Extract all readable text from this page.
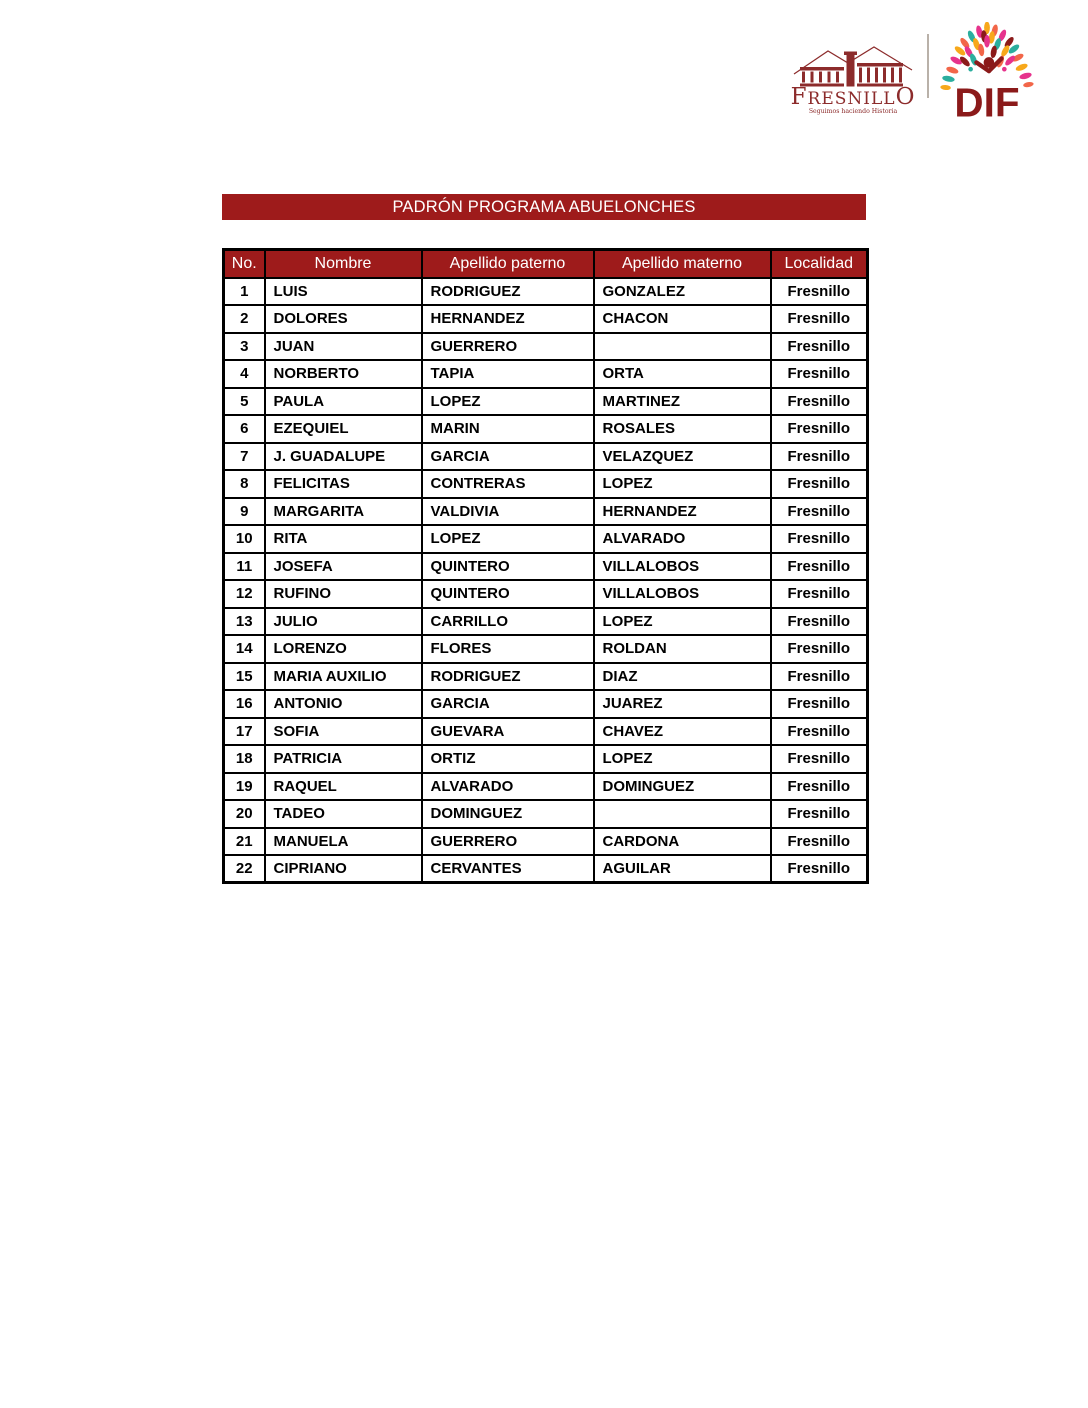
FRESNILLO
Seguimos haciendo Historia DIF
PADRÓN PROGRAMA ABUELONCHES
No.	Nombre	Apellido paterno	Apellido materno	Localidad
1	LUIS	RODRIGUEZ	GONZALEZ	Fresnillo
2	DOLORES	HERNANDEZ	CHACON	Fresnillo
3	JUAN	GUERRERO		Fresnillo
4	NORBERTO	TAPIA	ORTA	Fresnillo
5	PAULA	LOPEZ	MARTINEZ	Fresnillo
6	EZEQUIEL	MARIN	ROSALES	Fresnillo
7	J. GUADALUPE	GARCIA	VELAZQUEZ	Fresnillo
8	FELICITAS	CONTRERAS	LOPEZ	Fresnillo
9	MARGARITA	VALDIVIA	HERNANDEZ	Fresnillo
10	RITA	LOPEZ	ALVARADO	Fresnillo
11	JOSEFA	QUINTERO	VILLALOBOS	Fresnillo
12	RUFINO	QUINTERO	VILLALOBOS	Fresnillo
13	JULIO	CARRILLO	LOPEZ	Fresnillo
14	LORENZO	FLORES	ROLDAN	Fresnillo
15	MARIA AUXILIO	RODRIGUEZ	DIAZ	Fresnillo
16	ANTONIO	GARCIA	JUAREZ	Fresnillo
17	SOFIA	GUEVARA	CHAVEZ	Fresnillo
18	PATRICIA	ORTIZ	LOPEZ	Fresnillo
19	RAQUEL	ALVARADO	DOMINGUEZ	Fresnillo
20	TADEO	DOMINGUEZ		Fresnillo
21	MANUELA	GUERRERO	CARDONA	Fresnillo
22	CIPRIANO	CERVANTES	AGUILAR	Fresnillo
